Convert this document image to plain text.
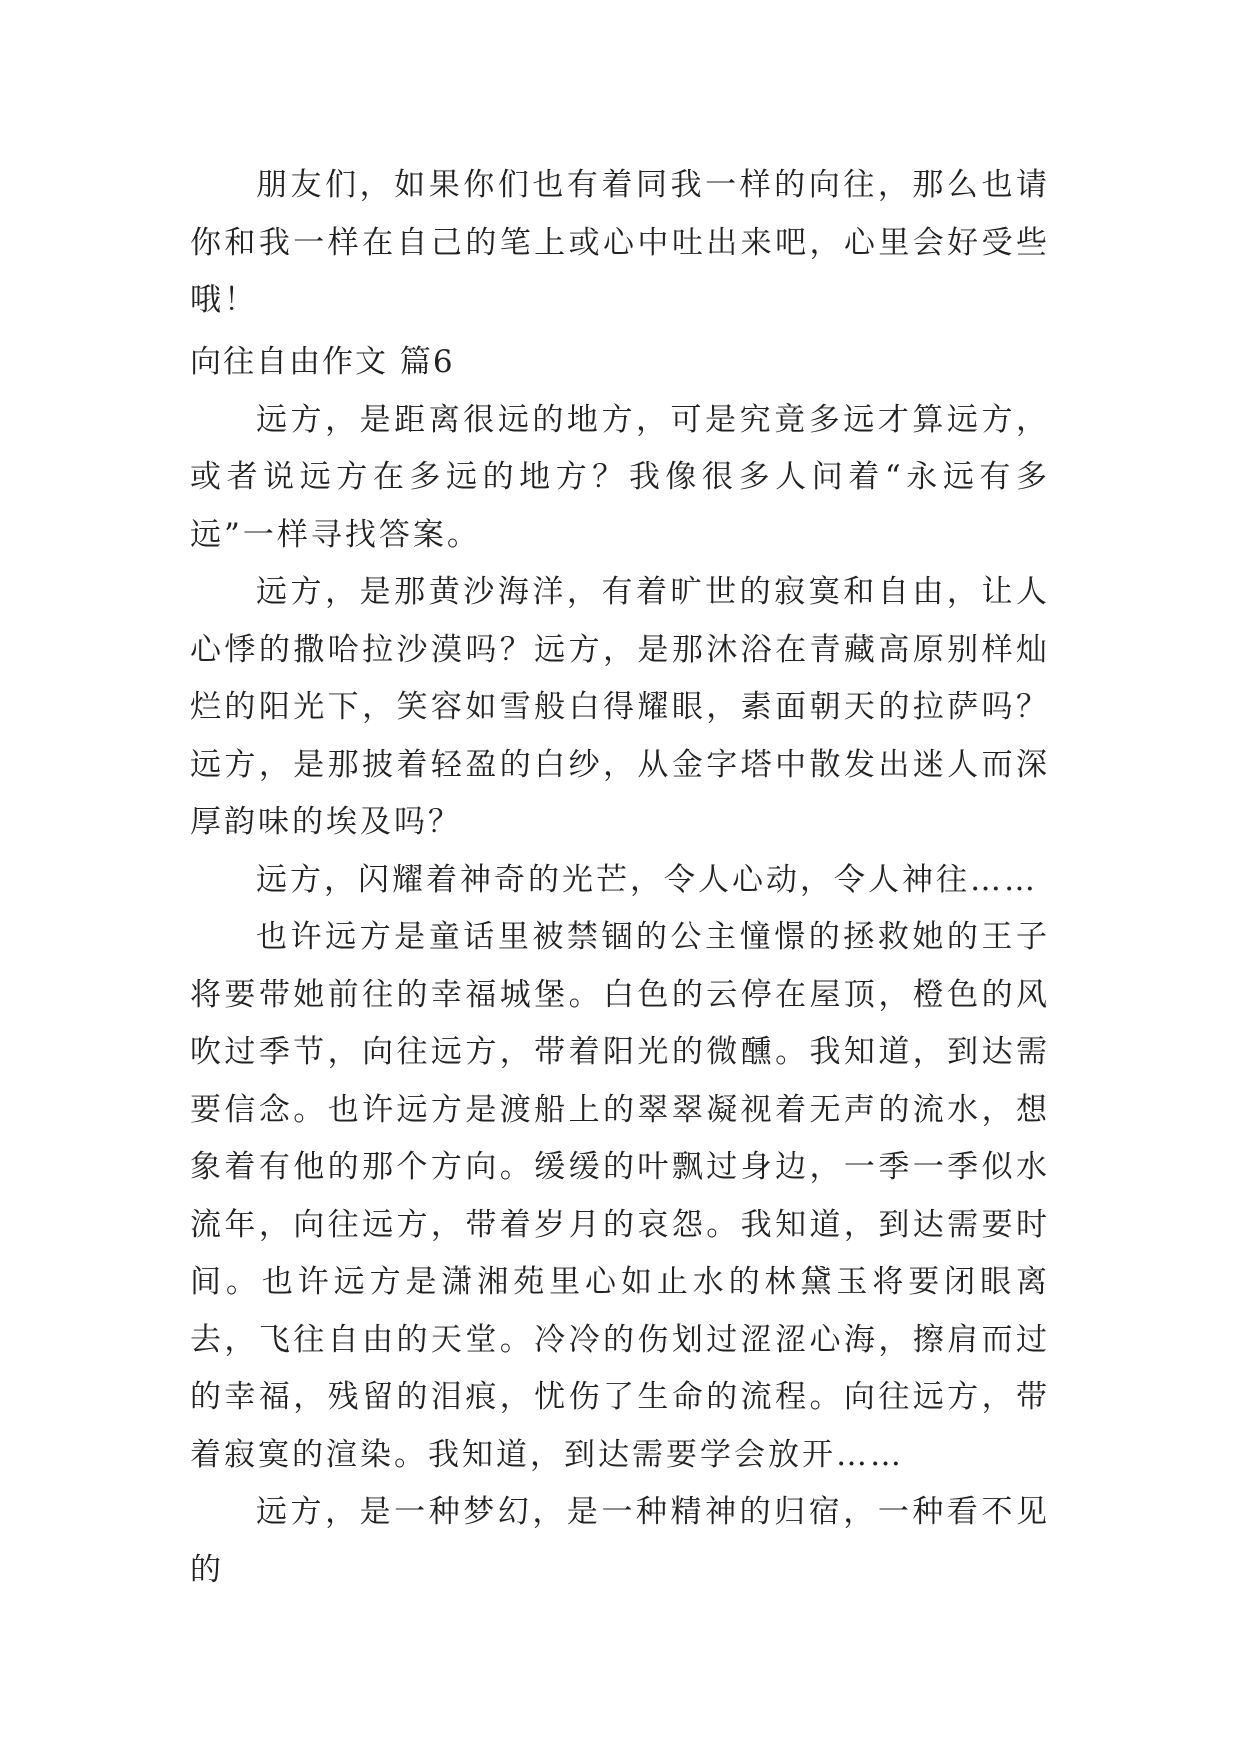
朋友们，如果你们也有着同我一样的向往，那么也请你和我一样在自己的笔上或心中吐出来吧，心里会好受些哦！

向往自由作文 篇6

远方，是距离很远的地方，可是究竟多远才算远方，或者说远方在多远的地方？我像很多人问着“永远有多远”一样寻找答案。

远方，是那黄沙海洋，有着旷世的寂寞和自由，让人心悸的撒哈拉沙漠吗？远方，是那沐浴在青藏高原别样灿烂的阳光下，笑容如雪般白得耀眼，素面朝天的拉萨吗？远方，是那披着轻盈的白纱，从金字塔中散发出迷人而深厚韵味的埃及吗？

远方，闪耀着神奇的光芒，令人心动，令人神往……

也许远方是童话里被禁锢的公主憧憬的拯救她的王子将要带她前往的幸福城堡。白色的云停在屋顶，橙色的风吹过季节，向往远方，带着阳光的微醺。我知道，到达需要信念。也许远方是渡船上的翠翠凝视着无声的流水，想象着有他的那个方向。缓缓的叶飘过身边，一季一季似水流年，向往远方，带着岁月的哀怨。我知道，到达需要时间。也许远方是潇湘苑里心如止水的林黛玉将要闭眼离去，飞往自由的天堂。冷冷的伤划过涩涩心海，擦肩而过的幸福，残留的泪痕，忧伤了生命的流程。向往远方，带着寂寞的渲染。我知道，到达需要学会放开……

远方，是一种梦幻，是一种精神的归宿，一种看不见的
